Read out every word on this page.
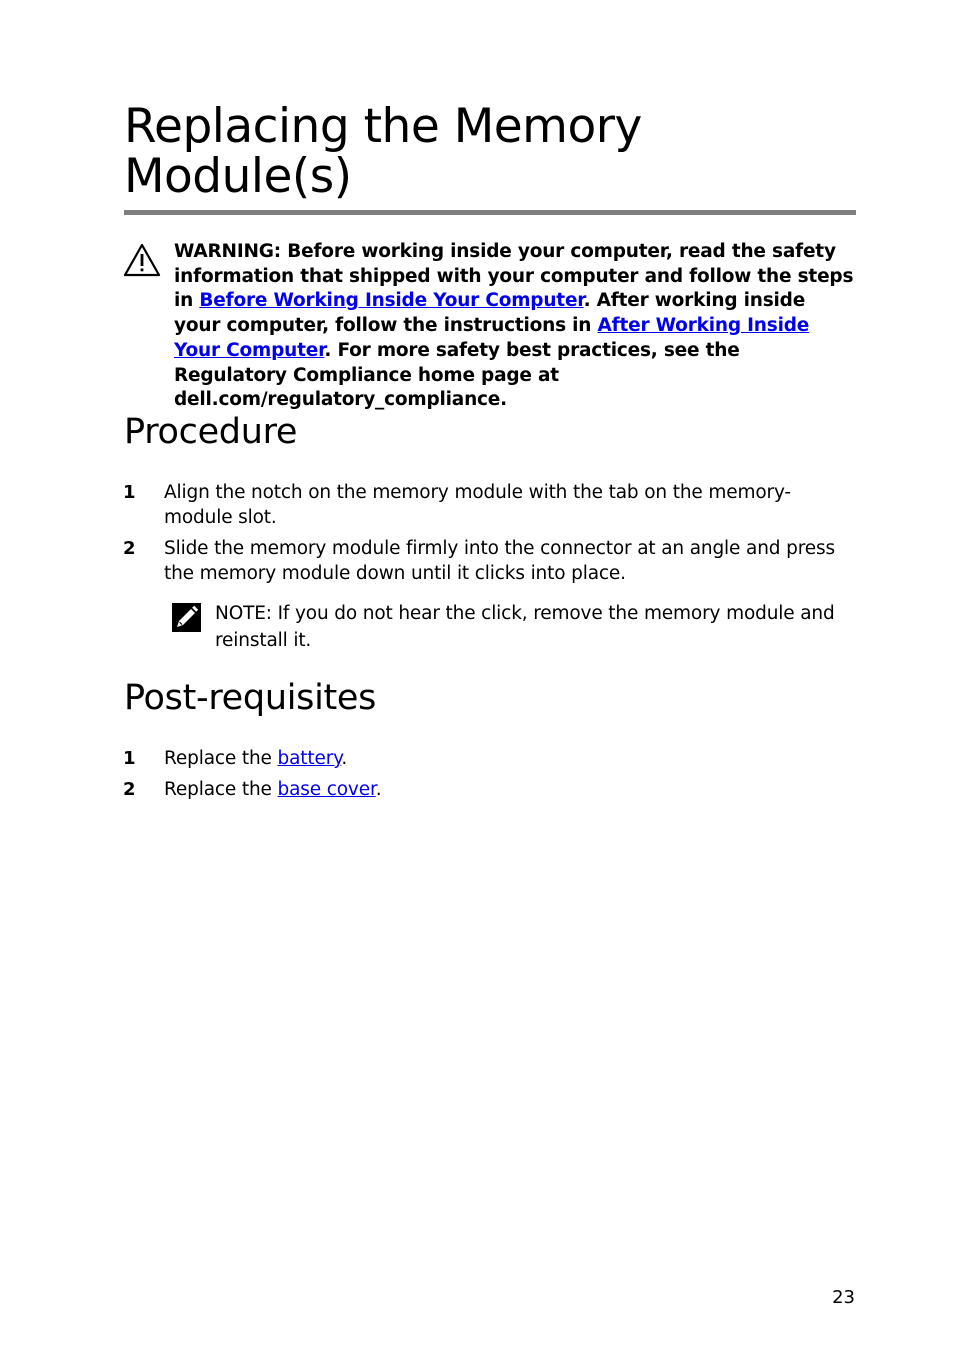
Replacing the Memory Module(s)

WARNING: Before working inside your computer, read the safety information that shipped with your computer and follow the steps in Before Working Inside Your Computer. After working inside your computer, follow the instructions in After Working Inside Your Computer. For more safety best practices, see the Regulatory Compliance home page at dell.com/regulatory_compliance.

Procedure
1 Align the notch on the memory module with the tab on the memory-module slot.

2 Slide the memory module firmly into the connector at an angle and press the memory module down until it clicks into place.

NOTE: If you do not hear the click, remove the memory module and reinstall it.

Post-requisites
1 Replace the battery.

2 Replace the base cover.

23
